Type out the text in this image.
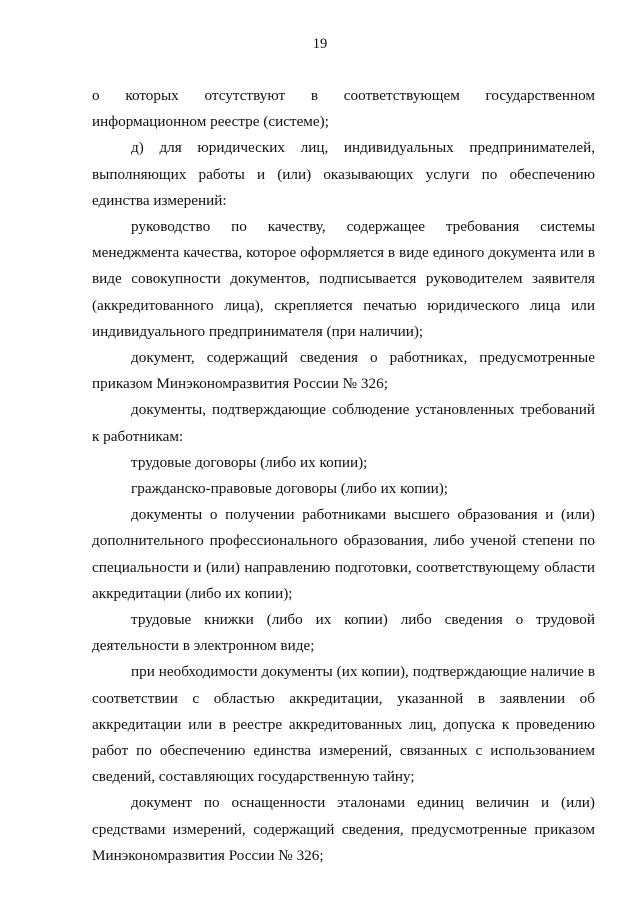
19

о которых отсутствуют в соответствующем государственном информационном реестре (системе);

д) для юридических лиц, индивидуальных предпринимателей, выполняющих работы и (или) оказывающих услуги по обеспечению единства измерений:

руководство по качеству, содержащее требования системы менеджмента качества, которое оформляется в виде единого документа или в виде совокупности документов, подписывается руководителем заявителя (аккредитованного лица), скрепляется печатью юридического лица или индивидуального предпринимателя (при наличии);

документ, содержащий сведения о работниках, предусмотренные приказом Минэкономразвития России № 326;

документы, подтверждающие соблюдение установленных требований к работникам:

трудовые договоры (либо их копии);

гражданско-правовые договоры (либо их копии);

документы о получении работниками высшего образования и (или) дополнительного профессионального образования, либо ученой степени по специальности и (или) направлению подготовки, соответствующему области аккредитации (либо их копии);

трудовые книжки (либо их копии) либо сведения о трудовой деятельности в электронном виде;

при необходимости документы (их копии), подтверждающие наличие в соответствии с областью аккредитации, указанной в заявлении об аккредитации или в реестре аккредитованных лиц, допуска к проведению работ по обеспечению единства измерений, связанных с использованием сведений, составляющих государственную тайну;

документ по оснащенности эталонами единиц величин и (или) средствами измерений, содержащий сведения, предусмотренные приказом Минэкономразвития России № 326;
